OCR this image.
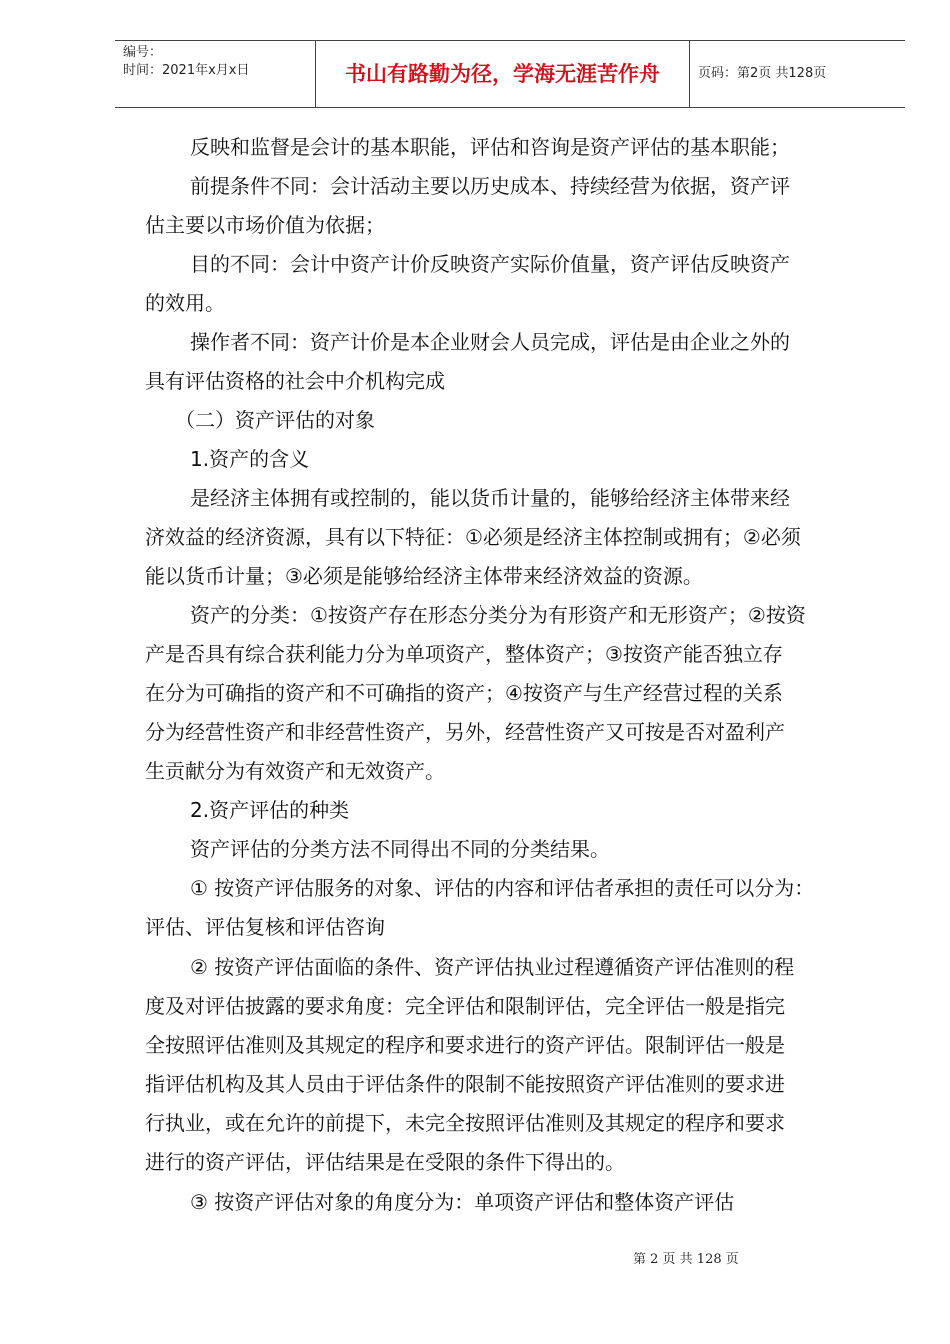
编号：
时间：2021年x月x日	书山有路勤为径，学海无涯苦作舟	页码：第2页 共128页
反映和监督是会计的基本职能，评估和咨询是资产评估的基本职能；
前提条件不同：会计活动主要以历史成本、持续经营为依据，资产评
估主要以市场价值为依据；
目的不同：会计中资产计价反映资产实际价值量，资产评估反映资产
的效用。
操作者不同：资产计价是本企业财会人员完成，评估是由企业之外的
具有评估资格的社会中介机构完成
（二）资产评估的对象
1.资产的含义
是经济主体拥有或控制的，能以货币计量的，能够给经济主体带来经
济效益的经济资源，具有以下特征：①必须是经济主体控制或拥有；②必须
能以货币计量；③必须是能够给经济主体带来经济效益的资源。
资产的分类：①按资产存在形态分类分为有形资产和无形资产；②按资
产是否具有综合获利能力分为单项资产，整体资产；③按资产能否独立存
在分为可确指的资产和不可确指的资产；④按资产与生产经营过程的关系
分为经营性资产和非经营性资产，另外，经营性资产又可按是否对盈利产
生贡献分为有效资产和无效资产。
2.资产评估的种类
资产评估的分类方法不同得出不同的分类结果。
① 按资产评估服务的对象、评估的内容和评估者承担的责任可以分为：
评估、评估复核和评估咨询
② 按资产评估面临的条件、资产评估执业过程遵循资产评估准则的程
度及对评估披露的要求角度：完全评估和限制评估，完全评估一般是指完
全按照评估准则及其规定的程序和要求进行的资产评估。限制评估一般是
指评估机构及其人员由于评估条件的限制不能按照资产评估准则的要求进
行执业，或在允许的前提下，未完全按照评估准则及其规定的程序和要求
进行的资产评估，评估结果是在受限的条件下得出的。
③ 按资产评估对象的角度分为：单项资产评估和整体资产评估
第 2 页 共 128 页
